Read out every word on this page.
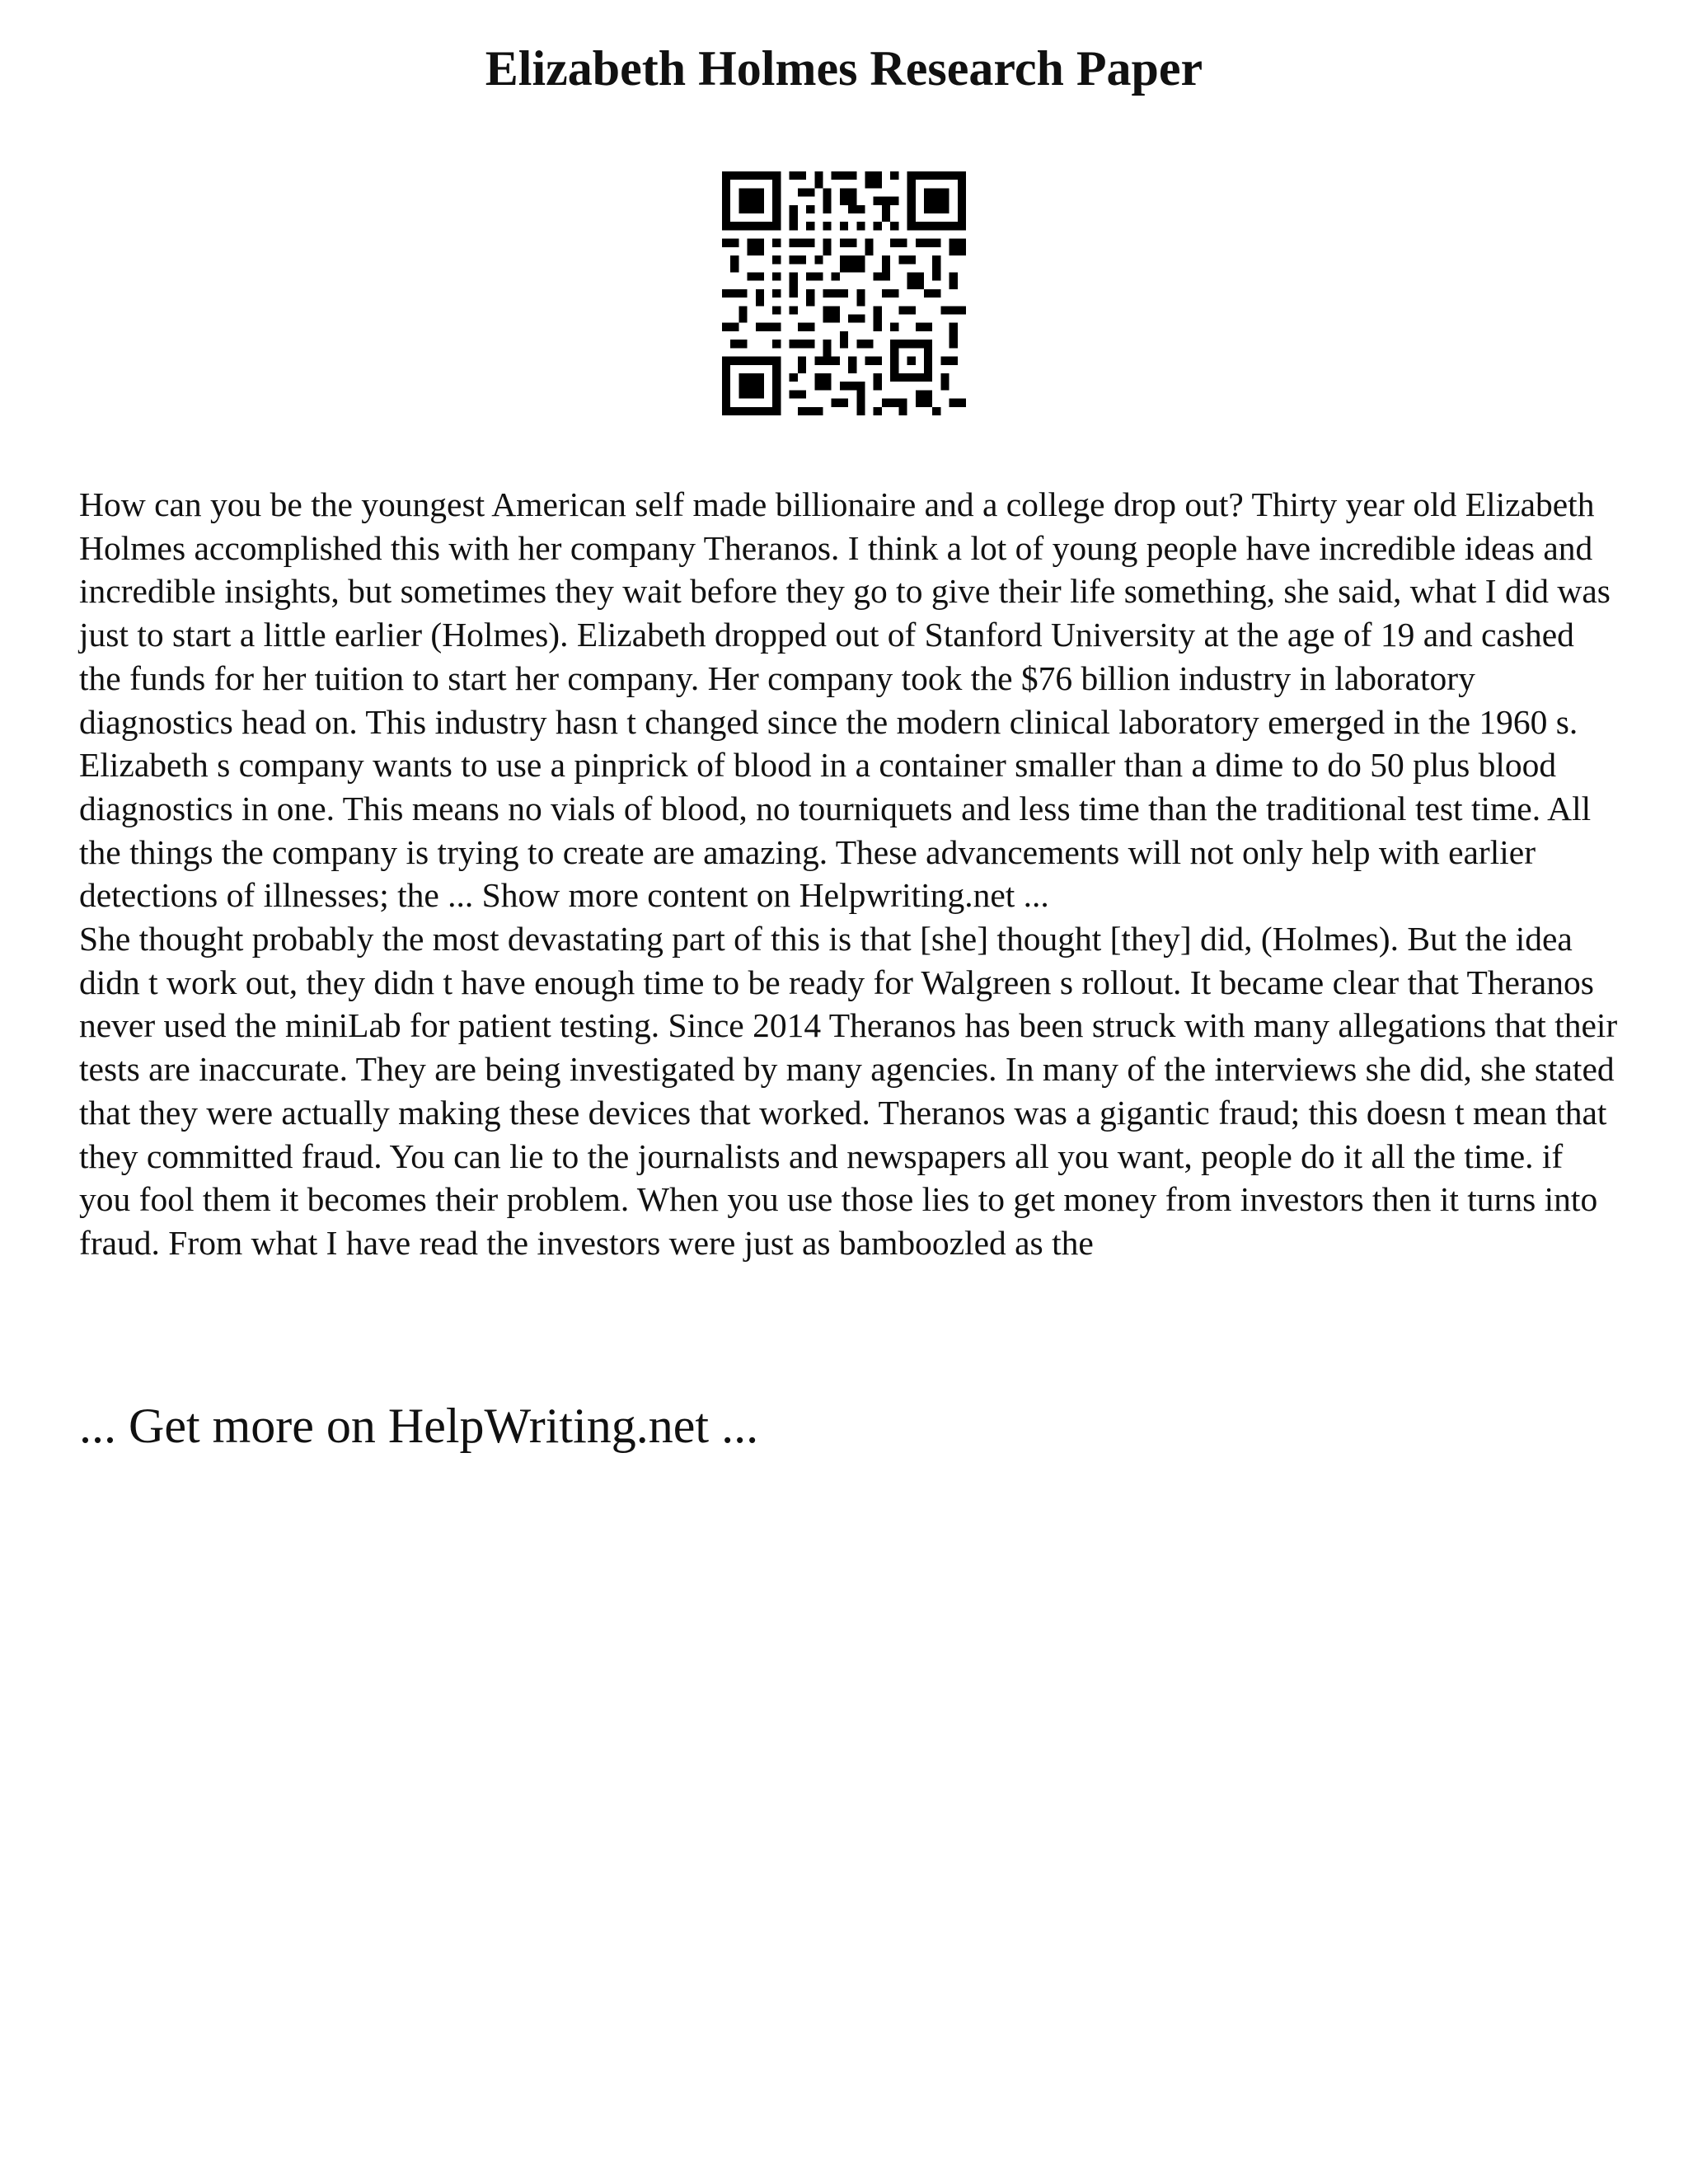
Elizabeth Holmes Research Paper

How can you be the youngest American self made billionaire and a college drop out? Thirty year old Elizabeth Holmes accomplished this with her company Theranos. I think a lot of young people have incredible ideas and incredible insights, but sometimes they wait before they go to give their life something, she said, what I did was just to start a little earlier (Holmes). Elizabeth dropped out of Stanford University at the age of 19 and cashed the funds for her tuition to start her company. Her company took the $76 billion industry in laboratory diagnostics head on. This industry hasn t changed since the modern clinical laboratory emerged in the 1960 s. Elizabeth s company wants to use a pinprick of blood in a container smaller than a dime to do 50 plus blood diagnostics in one. This means no vials of blood, no tourniquets and less time than the traditional test time. All the things the company is trying to create are amazing. These advancements will not only help with earlier detections of illnesses; the ... Show more content on Helpwriting.net ...

She thought probably the most devastating part of this is that [she] thought [they] did, (Holmes). But the idea didn t work out, they didn t have enough time to be ready for Walgreen s rollout. It became clear that Theranos never used the miniLab for patient testing. Since 2014 Theranos has been struck with many allegations that their tests are inaccurate. They are being investigated by many agencies. In many of the interviews she did, she stated that they were actually making these devices that worked. Theranos was a gigantic fraud; this doesn t mean that they committed fraud. You can lie to the journalists and newspapers all you want, people do it all the time. if you fool them it becomes their problem. When you use those lies to get money from investors then it turns into fraud. From what I have read the investors were just as bamboozled as the

... Get more on HelpWriting.net ...
